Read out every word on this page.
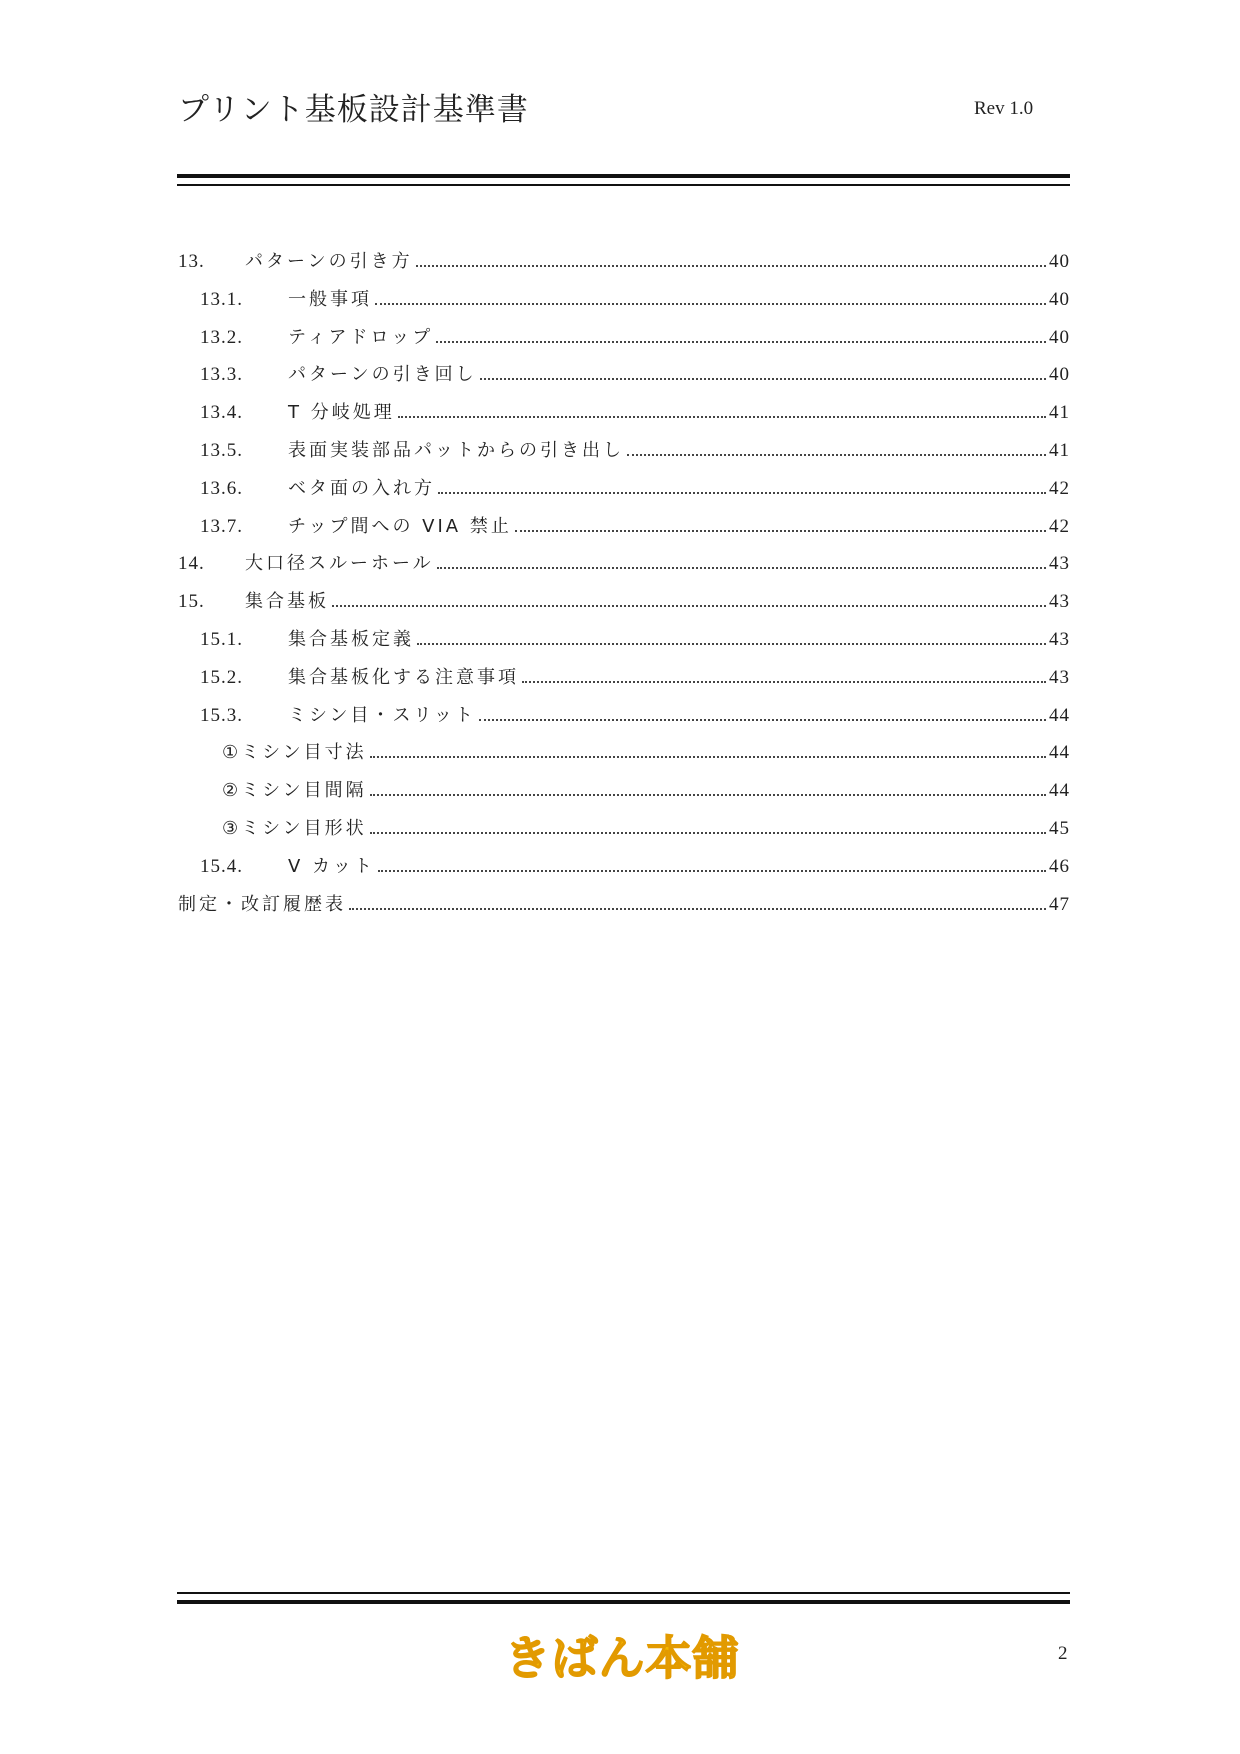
プリント基板設計基準書	Rev 1.0
13.	パターンの引き方	40
13.1.	一般事項	40
13.2.	ティアドロップ	40
13.3.	パターンの引き回し	40
13.4.	T 分岐処理	41
13.5.	表面実装部品パットからの引き出し	41
13.6.	ベタ面の入れ方	42
13.7.	チップ間への VIA 禁止	42
14.	大口径スルーホール	43
15.	集合基板	43
15.1.	集合基板定義	43
15.2.	集合基板化する注意事項	43
15.3.	ミシン目・スリット	44
①ミシン目寸法	44
②ミシン目間隔	44
③ミシン目形状	45
15.4.	V カット	46
制定・改訂履歴表	47
きばん本舗	2
